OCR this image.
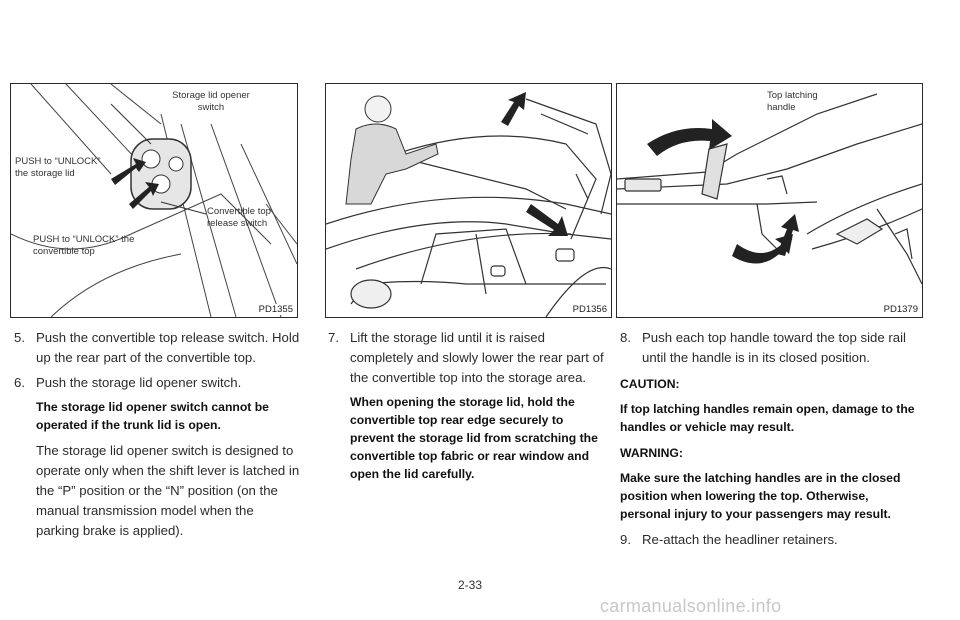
Storage lid opener switch
PUSH to “UNLOCK” the storage lid
Convertible top release switch
PUSH to “UNLOCK” the convertible top
PD1355	PD1356
Top latching handle
PD1379
5. Push the convertible top release switch. Hold up the rear part of the convertible top.
6. Push the storage lid opener switch.
The storage lid opener switch cannot be operated if the trunk lid is open.
The storage lid opener switch is designed to operate only when the shift lever is latched in the “P” position or the “N” position (on the manual transmission model when the parking brake is applied).
7. Lift the storage lid until it is raised completely and slowly lower the rear part of the convertible top into the storage area.
When opening the storage lid, hold the convertible top rear edge securely to prevent the storage lid from scratching the convertible top fabric or rear window and open the lid carefully.
8. Push each top handle toward the top side rail until the handle is in its closed position.
CAUTION:
If top latching handles remain open, damage to the handles or vehicle may result.
WARNING:
Make sure the latching handles are in the closed position when lowering the top. Otherwise, personal injury to your passengers may result.
9. Re-attach the headliner retainers.
2-33
carmanualsonline.info
